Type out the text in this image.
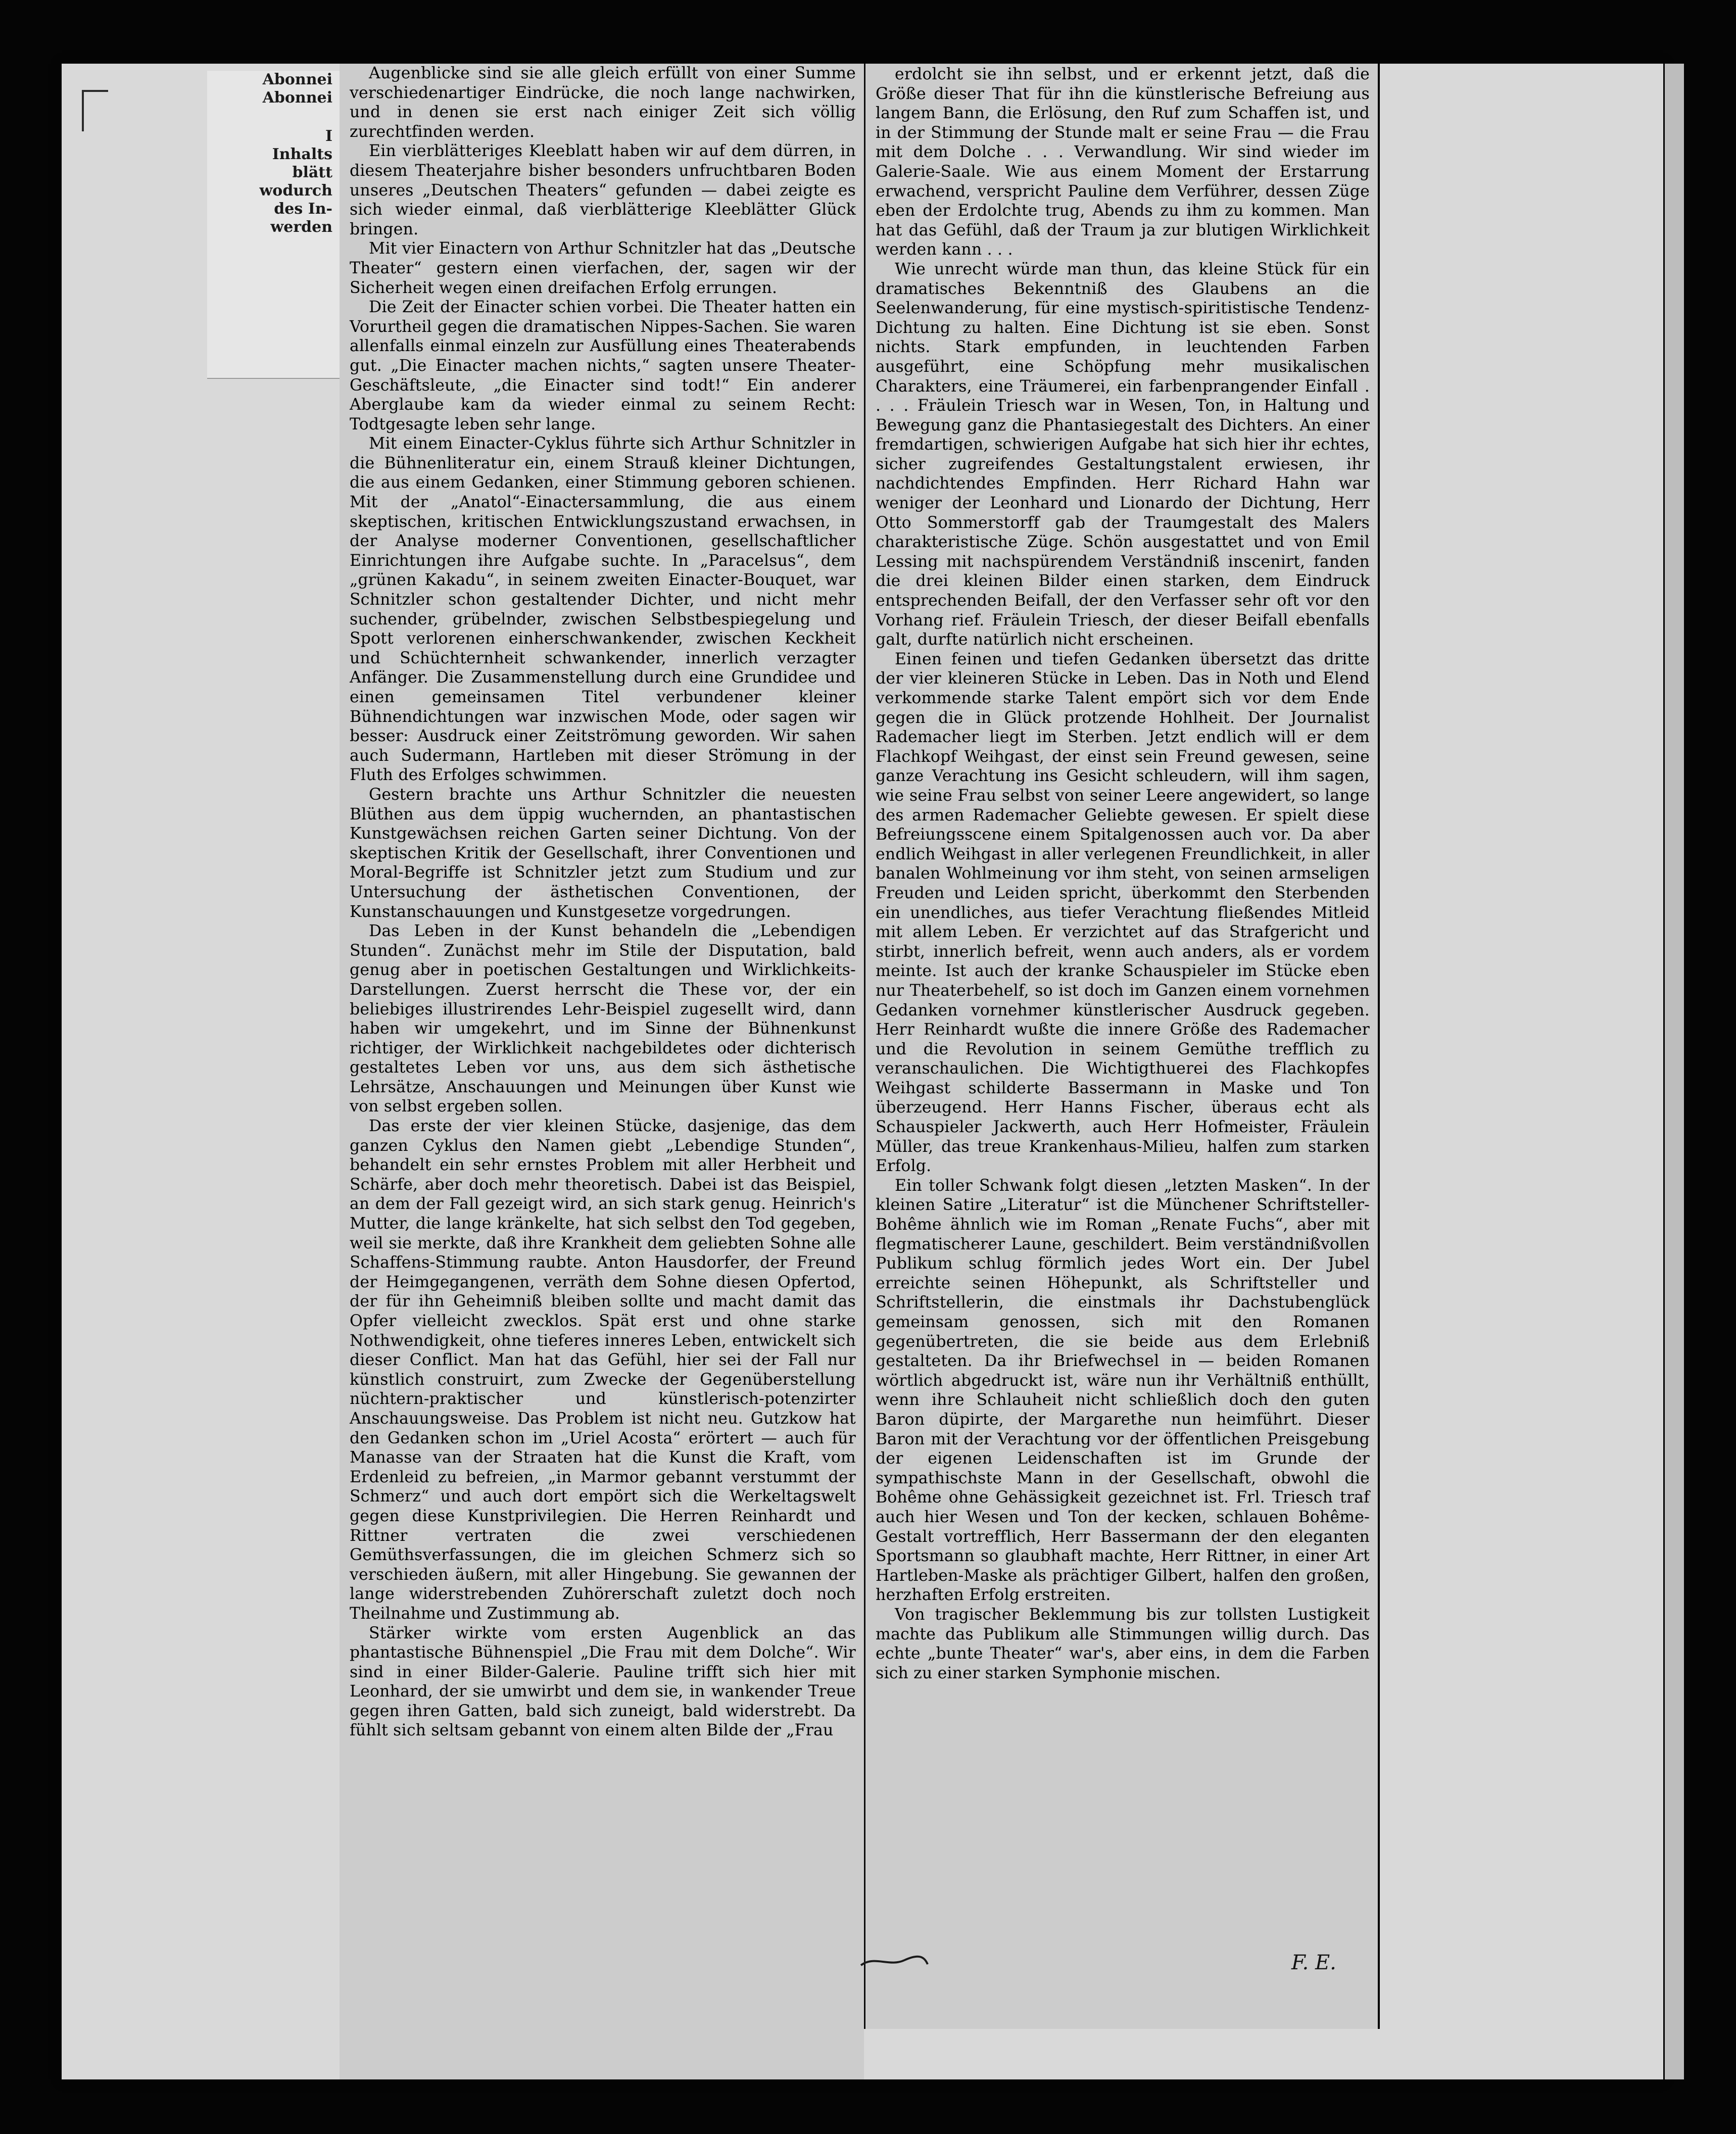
Abonnei
Abonnei
I
Inhalts
blätt
wodurch
des In-
werden

Augenblicke sind sie alle gleich erfüllt von einer Summe verschiedenartiger Eindrücke, die noch lange nachwirken, und in denen sie erst nach einiger Zeit sich völlig zurechtfinden werden.

Ein vierblätteriges Kleeblatt haben wir auf dem dürren, in diesem Theaterjahre bisher besonders unfruchtbaren Boden unseres „Deutschen Theaters“ gefunden — dabei zeigte es sich wieder einmal, daß vierblätterige Kleeblätter Glück bringen.

Mit vier Einactern von Arthur Schnitzler hat das „Deutsche Theater“ gestern einen vierfachen, der, sagen wir der Sicherheit wegen einen dreifachen Erfolg errungen.

Die Zeit der Einacter schien vorbei. Die Theater hatten ein Vorurtheil gegen die dramatischen Nippes-Sachen. Sie waren allenfalls einmal einzeln zur Ausfüllung eines Theaterabends gut. „Die Einacter machen nichts,“ sagten unsere Theater-Geschäftsleute, „die Einacter sind todt!“ Ein anderer Aberglaube kam da wieder einmal zu seinem Recht: Todtgesagte leben sehr lange.

Mit einem Einacter-Cyklus führte sich Arthur Schnitzler in die Bühnenliteratur ein, einem Strauß kleiner Dichtungen, die aus einem Gedanken, einer Stimmung geboren schienen. Mit der „Anatol“-Einactersammlung, die aus einem skeptischen, kritischen Entwicklungszustand erwachsen, in der Analyse moderner Conventionen, gesellschaftlicher Einrichtungen ihre Aufgabe suchte. In „Paracelsus“, dem „grünen Kakadu“, in seinem zweiten Einacter-Bouquet, war Schnitzler schon gestaltender Dichter, und nicht mehr suchender, grübelnder, zwischen Selbstbespiegelung und Spott verlorenen einherschwankender, zwischen Keckheit und Schüchternheit schwankender, innerlich verzagter Anfänger. Die Zusammenstellung durch eine Grundidee und einen gemeinsamen Titel verbundener kleiner Bühnendichtungen war inzwischen Mode, oder sagen wir besser: Ausdruck einer Zeitströmung geworden. Wir sahen auch Sudermann, Hartleben mit dieser Strömung in der Fluth des Erfolges schwimmen.

Gestern brachte uns Arthur Schnitzler die neuesten Blüthen aus dem üppig wuchernden, an phantastischen Kunstgewächsen reichen Garten seiner Dichtung. Von der skeptischen Kritik der Gesellschaft, ihrer Conventionen und Moral-Begriffe ist Schnitzler jetzt zum Studium und zur Untersuchung der ästhetischen Conventionen, der Kunstanschauungen und Kunstgesetze vorgedrungen.

Das Leben in der Kunst behandeln die „Lebendigen Stunden“. Zunächst mehr im Stile der Disputation, bald genug aber in poetischen Gestaltungen und Wirklichkeits-Darstellungen. Zuerst herrscht die These vor, der ein beliebiges illustrirendes Lehr-Beispiel zugesellt wird, dann haben wir umgekehrt, und im Sinne der Bühnenkunst richtiger, der Wirklichkeit nachgebildetes oder dichterisch gestaltetes Leben vor uns, aus dem sich ästhetische Lehrsätze, Anschauungen und Meinungen über Kunst wie von selbst ergeben sollen.

Das erste der vier kleinen Stücke, dasjenige, das dem ganzen Cyklus den Namen giebt „Lebendige Stunden“, behandelt ein sehr ernstes Problem mit aller Herbheit und Schärfe, aber doch mehr theoretisch. Dabei ist das Beispiel, an dem der Fall gezeigt wird, an sich stark genug. Heinrich's Mutter, die lange kränkelte, hat sich selbst den Tod gegeben, weil sie merkte, daß ihre Krankheit dem geliebten Sohne alle Schaffens-Stimmung raubte. Anton Hausdorfer, der Freund der Heimgegangenen, verräth dem Sohne diesen Opfertod, der für ihn Geheimniß bleiben sollte und macht damit das Opfer vielleicht zwecklos. Spät erst und ohne starke Nothwendigkeit, ohne tieferes inneres Leben, entwickelt sich dieser Conflict. Man hat das Gefühl, hier sei der Fall nur künstlich construirt, zum Zwecke der Gegenüberstellung nüchtern-praktischer und künstlerisch-potenzirter Anschauungsweise. Das Problem ist nicht neu. Gutzkow hat den Gedanken schon im „Uriel Acosta“ erörtert — auch für Manasse van der Straaten hat die Kunst die Kraft, vom Erdenleid zu befreien, „in Marmor gebannt verstummt der Schmerz“ und auch dort empört sich die Werkeltagswelt gegen diese Kunstprivilegien. Die Herren Reinhardt und Rittner vertraten die zwei verschiedenen Gemüthsverfassungen, die im gleichen Schmerz sich so verschieden äußern, mit aller Hingebung. Sie gewannen der lange widerstrebenden Zuhörerschaft zuletzt doch noch Theilnahme und Zustimmung ab.

Stärker wirkte vom ersten Augenblick an das phantastische Bühnenspiel „Die Frau mit dem Dolche“. Wir sind in einer Bilder-Galerie. Pauline trifft sich hier mit Leonhard, der sie umwirbt und dem sie, in wankender Treue gegen ihren Gatten, bald sich zuneigt, bald widerstrebt. Da fühlt sich seltsam gebannt von einem alten Bilde der „Frau

erdolcht sie ihn selbst, und er erkennt jetzt, daß die Größe dieser That für ihn die künstlerische Befreiung aus langem Bann, die Erlösung, den Ruf zum Schaffen ist, und in der Stimmung der Stunde malt er seine Frau — die Frau mit dem Dolche . . . Verwandlung. Wir sind wieder im Galerie-Saale. Wie aus einem Moment der Erstarrung erwachend, verspricht Pauline dem Verführer, dessen Züge eben der Erdolchte trug, Abends zu ihm zu kommen. Man hat das Gefühl, daß der Traum ja zur blutigen Wirklichkeit werden kann . . .

Wie unrecht würde man thun, das kleine Stück für ein dramatisches Bekenntniß des Glaubens an die Seelenwanderung, für eine mystisch-spiritistische Tendenz-Dichtung zu halten. Eine Dichtung ist sie eben. Sonst nichts. Stark empfunden, in leuchtenden Farben ausgeführt, eine Schöpfung mehr musikalischen Charakters, eine Träumerei, ein farbenprangender Einfall . . . . Fräulein Triesch war in Wesen, Ton, in Haltung und Bewegung ganz die Phantasiegestalt des Dichters. An einer fremdartigen, schwierigen Aufgabe hat sich hier ihr echtes, sicher zugreifendes Gestaltungstalent erwiesen, ihr nachdichtendes Empfinden. Herr Richard Hahn war weniger der Leonhard und Lionardo der Dichtung, Herr Otto Sommerstorff gab der Traumgestalt des Malers charakteristische Züge. Schön ausgestattet und von Emil Lessing mit nachspürendem Verständniß inscenirt, fanden die drei kleinen Bilder einen starken, dem Eindruck entsprechenden Beifall, der den Verfasser sehr oft vor den Vorhang rief. Fräulein Triesch, der dieser Beifall ebenfalls galt, durfte natürlich nicht erscheinen.

Einen feinen und tiefen Gedanken übersetzt das dritte der vier kleineren Stücke in Leben. Das in Noth und Elend verkommende starke Talent empört sich vor dem Ende gegen die in Glück protzende Hohlheit. Der Journalist Rademacher liegt im Sterben. Jetzt endlich will er dem Flachkopf Weihgast, der einst sein Freund gewesen, seine ganze Verachtung ins Gesicht schleudern, will ihm sagen, wie seine Frau selbst von seiner Leere angewidert, so lange des armen Rademacher Geliebte gewesen. Er spielt diese Befreiungsscene einem Spitalgenossen auch vor. Da aber endlich Weihgast in aller verlegenen Freundlichkeit, in aller banalen Wohlmeinung vor ihm steht, von seinen armseligen Freuden und Leiden spricht, überkommt den Sterbenden ein unendliches, aus tiefer Verachtung fließendes Mitleid mit allem Leben. Er verzichtet auf das Strafgericht und stirbt, innerlich befreit, wenn auch anders, als er vordem meinte. Ist auch der kranke Schauspieler im Stücke eben nur Theaterbehelf, so ist doch im Ganzen einem vornehmen Gedanken vornehmer künstlerischer Ausdruck gegeben. Herr Reinhardt wußte die innere Größe des Rademacher und die Revolution in seinem Gemüthe trefflich zu veranschaulichen. Die Wichtigthuerei des Flachkopfes Weihgast schilderte Bassermann in Maske und Ton überzeugend. Herr Hanns Fischer, überaus echt als Schauspieler Jackwerth, auch Herr Hofmeister, Fräulein Müller, das treue Krankenhaus-Milieu, halfen zum starken Erfolg.

Ein toller Schwank folgt diesen „letzten Masken“. In der kleinen Satire „Literatur“ ist die Münchener Schriftsteller-Bohême ähnlich wie im Roman „Renate Fuchs“, aber mit flegmatischerer Laune, geschildert. Beim verständnißvollen Publikum schlug förmlich jedes Wort ein. Der Jubel erreichte seinen Höhepunkt, als Schriftsteller und Schriftstellerin, die einstmals ihr Dachstubenglück gemeinsam genossen, sich mit den Romanen gegenübertreten, die sie beide aus dem Erlebniß gestalteten. Da ihr Briefwechsel in — beiden Romanen wörtlich abgedruckt ist, wäre nun ihr Verhältniß enthüllt, wenn ihre Schlauheit nicht schließlich doch den guten Baron düpirte, der Margarethe nun heimführt. Dieser Baron mit der Verachtung vor der öffentlichen Preisgebung der eigenen Leidenschaften ist im Grunde der sympathischste Mann in der Gesellschaft, obwohl die Bohême ohne Gehässigkeit gezeichnet ist. Frl. Triesch traf auch hier Wesen und Ton der kecken, schlauen Bohême-Gestalt vortrefflich, Herr Bassermann der den eleganten Sportsmann so glaubhaft machte, Herr Rittner, in einer Art Hartleben-Maske als prächtiger Gilbert, halfen den großen, herzhaften Erfolg erstreiten.

Von tragischer Beklemmung bis zur tollsten Lustigkeit machte das Publikum alle Stimmungen willig durch. Das echte „bunte Theater“ war's, aber eins, in dem die Farben sich zu einer starken Symphonie mischen.

F. E.
